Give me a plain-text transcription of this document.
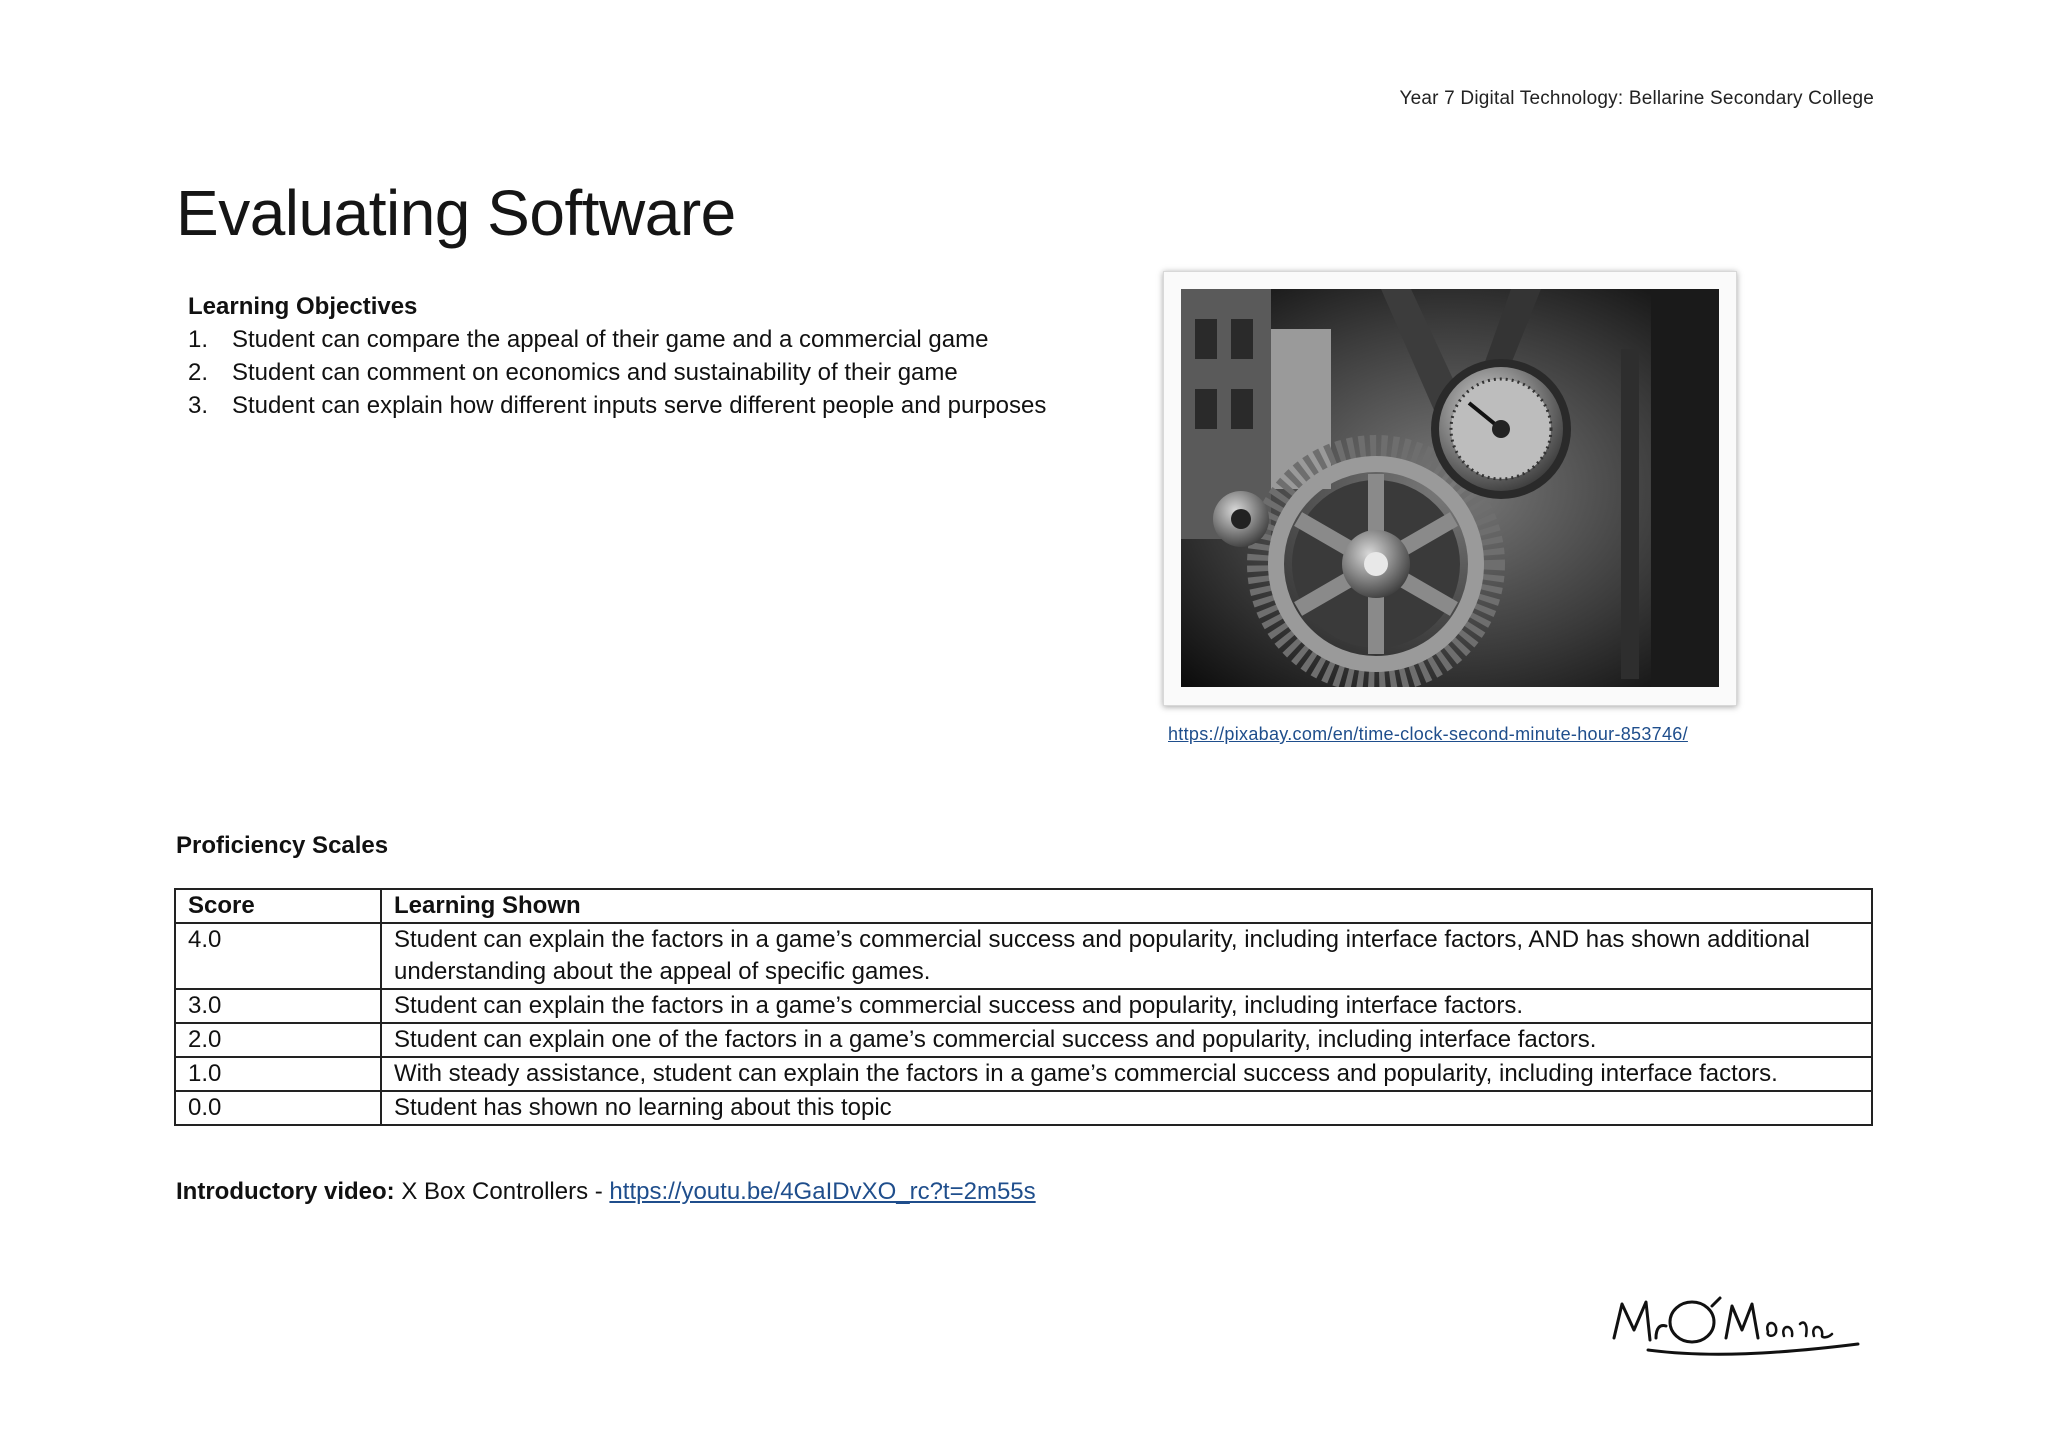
Year 7 Digital Technology: Bellarine Secondary College
Evaluating Software
Learning Objectives
1. Student can compare the appeal of their game and a commercial game
2. Student can comment on economics and sustainability of their game
3. Student can explain how different inputs serve different people and purposes
https://pixabay.com/en/time-clock-second-minute-hour-853746/
Proficiency Scales
Score	Learning Shown
4.0	Student can explain the factors in a game’s commercial success and popularity, including interface factors, AND has shown additional understanding about the appeal of specific games.
3.0	Student can explain the factors in a game’s commercial success and popularity, including interface factors.
2.0	Student can explain one of the factors in a game’s commercial success and popularity, including interface factors.
1.0	With steady assistance, student can explain the factors in a game’s commercial success and popularity, including interface factors.
0.0	Student has shown no learning about this topic
Introductory video: X Box Controllers - https://youtu.be/4GaIDvXO_rc?t=2m55s
